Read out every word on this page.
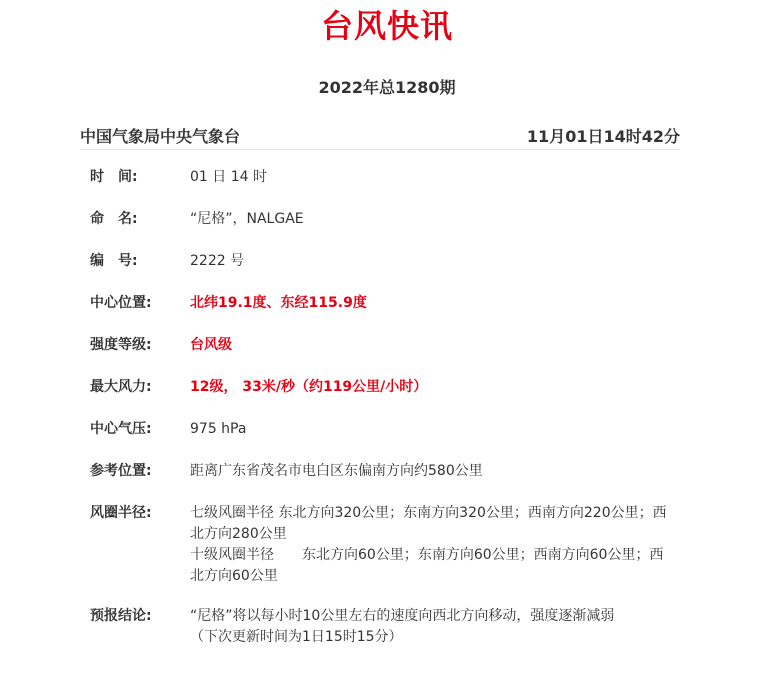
台风快讯
2022年总1280期
中国气象局中央气象台	11月01日14时42分
时　间:	01 日 14 时
命　名:	“尼格”，NALGAE
编　号:	2222 号
中心位置:	北纬19.1度、东经115.9度
强度等级:	台风级
最大风力:	12级， 33米/秒（约119公里/小时）
中心气压:	975 hPa
参考位置:	距离广东省茂名市电白区东偏南方向约580公里
风圈半径:	七级风圈半径 东北方向320公里；东南方向320公里；西南方向220公里；西北方向280公里
十级风圈半径　　东北方向60公里；东南方向60公里；西南方向60公里；西北方向60公里
预报结论:	“尼格”将以每小时10公里左右的速度向西北方向移动，强度逐渐减弱
（下次更新时间为1日15时15分）
